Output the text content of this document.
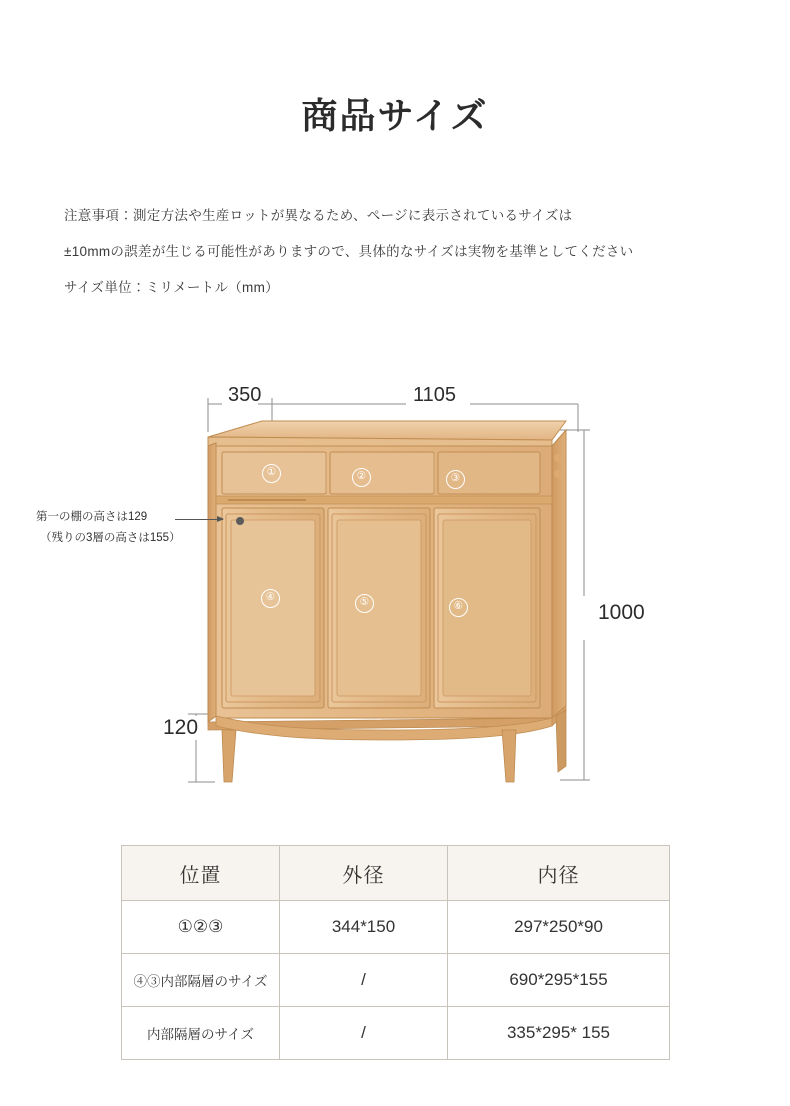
商品サイズ

注意事項：測定方法や生産ロットが異なるため、ページに表示されているサイズは

±10mmの誤差が生じる可能性がありますので、具体的なサイズは実物を基準としてください

サイズ単位：ミリメートル（mm）

350	1105
1000
120
第一の棚の高さは129
（残りの3層の高さは155）
①	②	③
④	⑤	⑥
位置	外径	内径
①②③	344*150	297*250*90
④③内部隔層のサイズ	/	690*295*155
内部隔層のサイズ	/	335*295* 155
